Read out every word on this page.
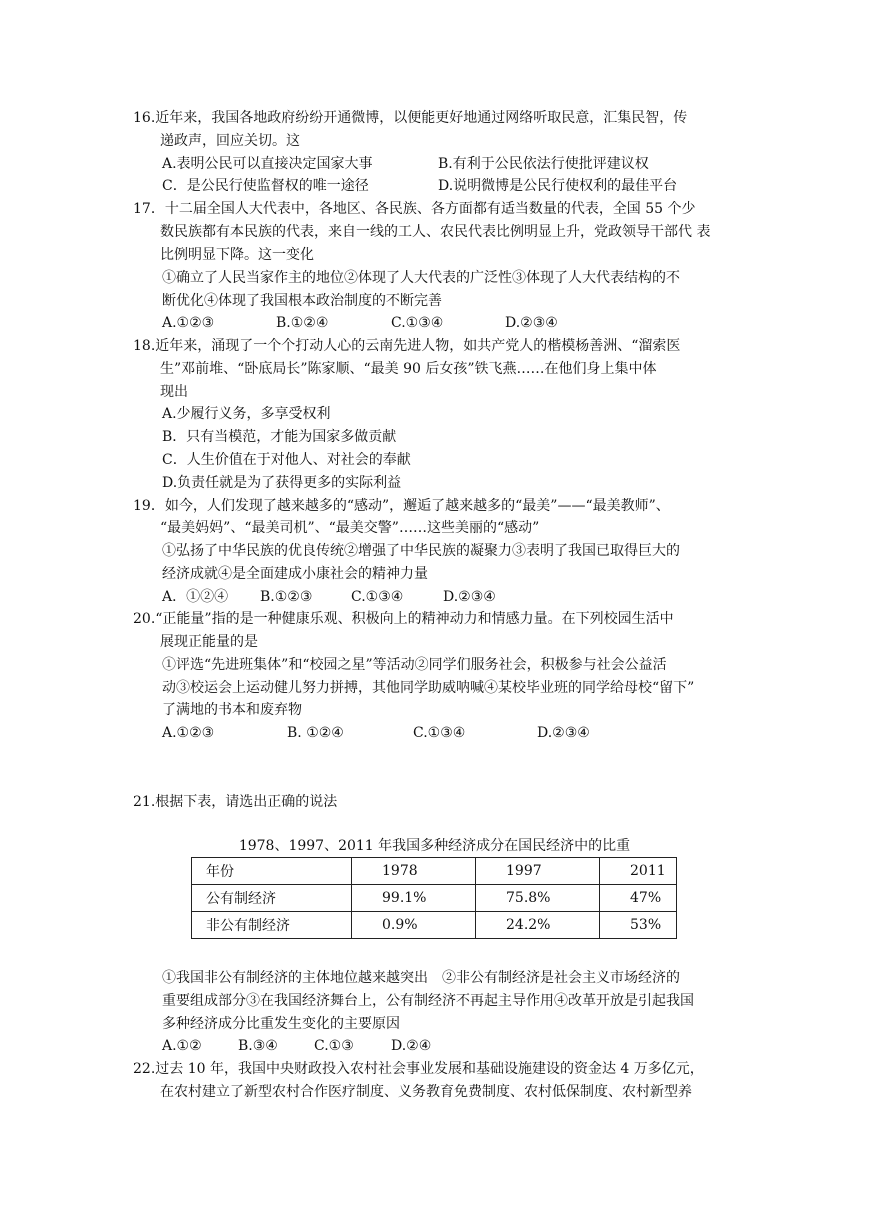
16.近年来，我国各地政府纷纷开通微博，以便能更好地通过网络听取民意，汇集民智，传
递政声，回应关切。这
A.表明公民可以直接决定国家大事	B.有利于公民依法行使批评建议权
C．是公民行使监督权的唯一途径	D.说明微博是公民行使权利的最佳平台
17．十二届全国人大代表中，各地区、各民族、各方面都有适当数量的代表，全国 55 个少
数民族都有本民族的代表，来自一线的工人、农民代表比例明显上升，党政领导干部代 表
比例明显下降。这一变化
①确立了人民当家作主的地位②体现了人大代表的广泛性③体现了人大代表结构的不
断优化④体现了我国根本政治制度的不断完善
A.①②③	B.①②④	C.①③④	D.②③④
18.近年来，涌现了一个个打动人心的云南先进人物，如共产党人的楷模杨善洲、“溜索医
生”邓前堆、“卧底局长”陈家顺、“最美 90 后女孩”铁飞燕……在他们身上集中体
现出
A.少履行义务，多享受权利
B．只有当模范，才能为国家多做贡献
C．人生价值在于对他人、对社会的奉献
D.负责任就是为了获得更多的实际利益
19．如今，人们发现了越来越多的“感动”，邂逅了越来越多的“最美”——“最美教师”、
“最美妈妈”、“最美司机”、“最美交警”……这些美丽的“感动”
①弘扬了中华民族的优良传统②增强了中华民族的凝聚力③表明了我国已取得巨大的
经济成就④是全面建成小康社会的精神力量
A．①②④ B.①②③	C.①③④	D.②③④
20.“正能量”指的是一种健康乐观、积极向上的精神动力和情感力量。在下列校园生活中
展现正能量的是
①评选“先进班集体”和“校园之星”等活动②同学们服务社会，积极参与社会公益活
动③校运会上运动健儿努力拼搏，其他同学助威呐喊④某校毕业班的同学给母校“留下”
了满地的书本和废弃物
A.①②③	B. ①②④	C.①③④	D.②③④
21.根据下表，请选出正确的说法
1978、1997、2011 年我国多种经济成分在国民经济中的比重
年份	1978	1997	2011
公有制经济	99.1%	75.8%	47%
非公有制经济	0.9%	24.2%	53%
①我国非公有制经济的主体地位越来越突出　②非公有制经济是社会主义市场经济的
重要组成部分③在我国经济舞台上，公有制经济不再起主导作用④改革开放是引起我国
多种经济成分比重发生变化的主要原因
A.①②	B.③④	C.①③	D.②④
22.过去 10 年，我国中央财政投入农村社会事业发展和基础设施建设的资金达 4 万多亿元，
在农村建立了新型农村合作医疗制度、义务教育免费制度、农村低保制度、农村新型养
